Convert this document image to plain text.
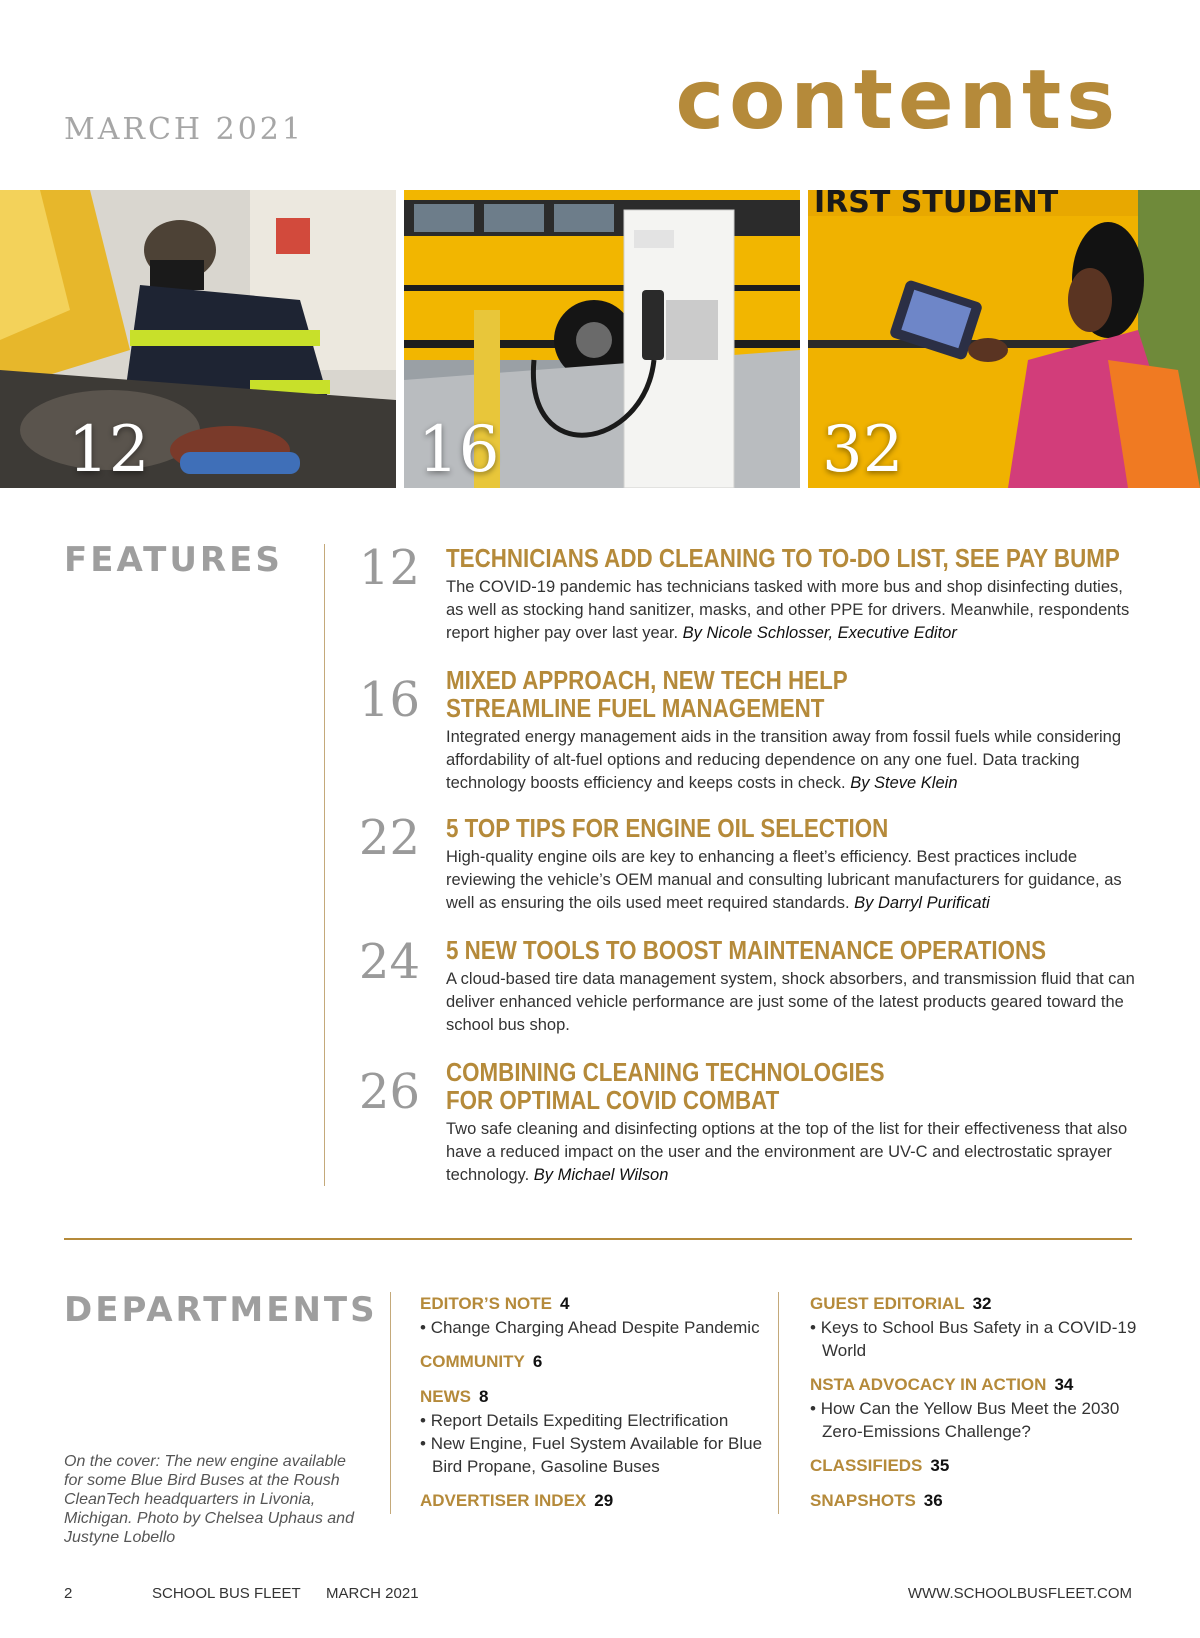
MARCH 2021	contents
12	16
IRST STUDENT
32
FEATURES	12 TECHNICIANS ADD CLEANING TO TO-DO LIST, SEE PAY BUMP
The COVID-19 pandemic has technicians tasked with more bus and shop disinfecting duties, as well as stocking hand sanitizer, masks, and other PPE for drivers. Meanwhile, respondents report higher pay over last year. By Nicole Schlosser, Executive Editor
16 MIXED APPROACH, NEW TECH HELP
STREAMLINE FUEL MANAGEMENT
Integrated energy management aids in the transition away from fossil fuels while considering affordability of alt-fuel options and reducing dependence on any one fuel. Data tracking technology boosts efficiency and keeps costs in check. By Steve Klein
22 5 TOP TIPS FOR ENGINE OIL SELECTION
High-quality engine oils are key to enhancing a fleet’s efficiency. Best practices include reviewing the vehicle’s OEM manual and consulting lubricant manufacturers for guidance, as well as ensuring the oils used meet required standards. By Darryl Purificati
24 5 NEW TOOLS TO BOOST MAINTENANCE OPERATIONS
A cloud-based tire data management system, shock absorbers, and transmission fluid that can deliver enhanced vehicle performance are just some of the latest products geared toward the school bus shop.
26 COMBINING CLEANING TECHNOLOGIES
FOR OPTIMAL COVID COMBAT
Two safe cleaning and disinfecting options at the top of the list for their effectiveness that also have a reduced impact on the user and the environment are UV-C and electrostatic sprayer technology. By Michael Wilson
DEPARTMENTS
On the cover: The new engine available for some Blue Bird Buses at the Roush CleanTech headquarters in Livonia, Michigan. Photo by Chelsea Uphaus and Justyne Lobello
EDITOR’S NOTE 4
• Change Charging Ahead Despite Pandemic
COMMUNITY 6
NEWS 8
• Report Details Expediting Electrification
• New Engine, Fuel System Available for Blue Bird Propane, Gasoline Buses
ADVERTISER INDEX 29
GUEST EDITORIAL 32
• Keys to School Bus Safety in a COVID-19 World
NSTA ADVOCACY IN ACTION 34
• How Can the Yellow Bus Meet the 2030 Zero-Emissions Challenge?
CLASSIFIEDS 35
SNAPSHOTS 36
2	SCHOOL BUS FLEET MARCH 2021	WWW.SCHOOLBUSFLEET.COM
